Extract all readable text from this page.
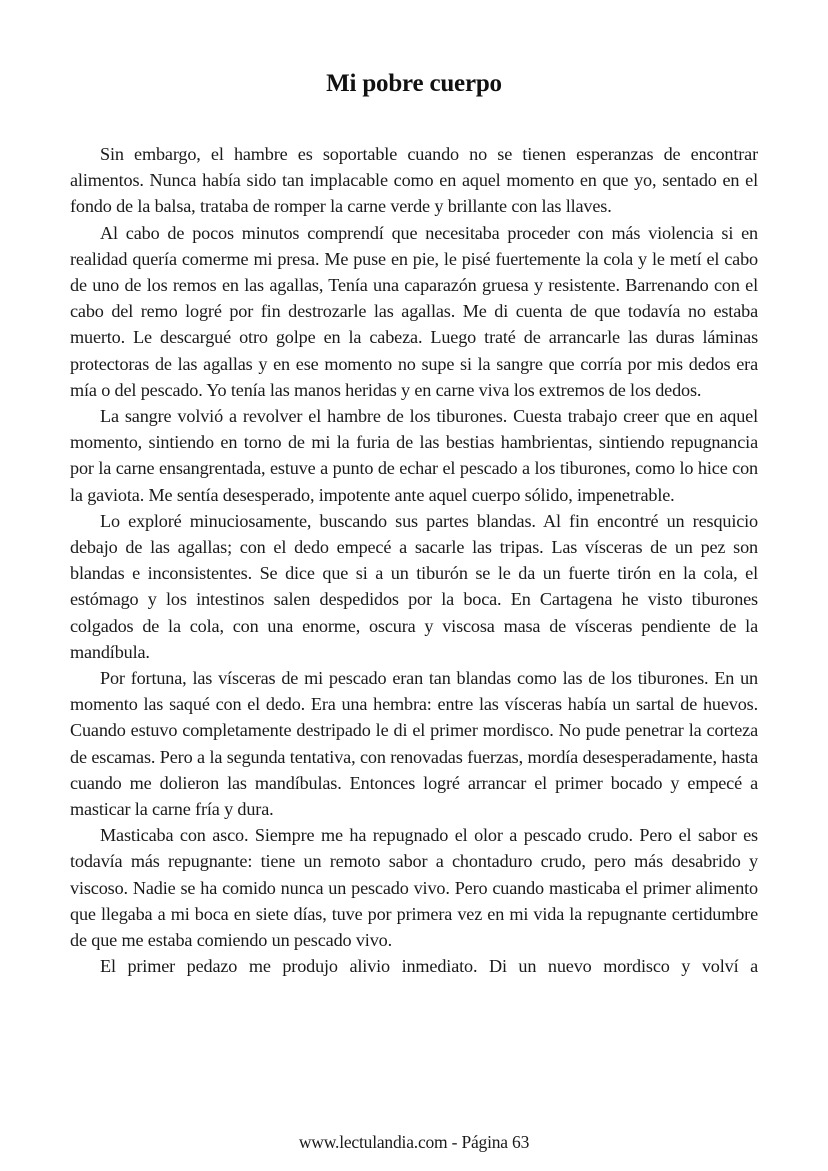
Mi pobre cuerpo

Sin embargo, el hambre es soportable cuando no se tienen esperanzas de encontrar alimentos. Nunca había sido tan implacable como en aquel momento en que yo, sentado en el fondo de la balsa, trataba de romper la carne verde y brillante con las llaves.

Al cabo de pocos minutos comprendí que necesitaba proceder con más violencia si en realidad quería comerme mi presa. Me puse en pie, le pisé fuertemente la cola y le metí el cabo de uno de los remos en las agallas, Tenía una caparazón gruesa y resistente. Barrenando con el cabo del remo logré por fin destrozarle las agallas. Me di cuenta de que todavía no estaba muerto. Le descargué otro golpe en la cabeza. Luego traté de arrancarle las duras láminas protectoras de las agallas y en ese momento no supe si la sangre que corría por mis dedos era mía o del pescado. Yo tenía las manos heridas y en carne viva los extremos de los dedos.

La sangre volvió a revolver el hambre de los tiburones. Cuesta trabajo creer que en aquel momento, sintiendo en torno de mi la furia de las bestias hambrientas, sintiendo repugnancia por la carne ensangrentada, estuve a punto de echar el pescado a los tiburones, como lo hice con la gaviota. Me sentía desesperado, impotente ante aquel cuerpo sólido, impenetrable.

Lo exploré minuciosamente, buscando sus partes blandas. Al fin encontré un resquicio debajo de las agallas; con el dedo empecé a sacarle las tripas. Las vísceras de un pez son blandas e inconsistentes. Se dice que si a un tiburón se le da un fuerte tirón en la cola, el estómago y los intestinos salen despedidos por la boca. En Cartagena he visto tiburones colgados de la cola, con una enorme, oscura y viscosa masa de vísceras pendiente de la mandíbula.

Por fortuna, las vísceras de mi pescado eran tan blandas como las de los tiburones. En un momento las saqué con el dedo. Era una hembra: entre las vísceras había un sartal de huevos. Cuando estuvo completamente destripado le di el primer mordisco. No pude penetrar la corteza de escamas. Pero a la segunda tentativa, con renovadas fuerzas, mordía desesperadamente, hasta cuando me dolieron las mandíbulas. Entonces logré arrancar el primer bocado y empecé a masticar la carne fría y dura.

Masticaba con asco. Siempre me ha repugnado el olor a pescado crudo. Pero el sabor es todavía más repugnante: tiene un remoto sabor a chontaduro crudo, pero más desabrido y viscoso. Nadie se ha comido nunca un pescado vivo. Pero cuando masticaba el primer alimento que llegaba a mi boca en siete días, tuve por primera vez en mi vida la repugnante certidumbre de que me estaba comiendo un pescado vivo.

El primer pedazo me produjo alivio inmediato. Di un nuevo mordisco y volví a

www.lectulandia.com - Página 63
